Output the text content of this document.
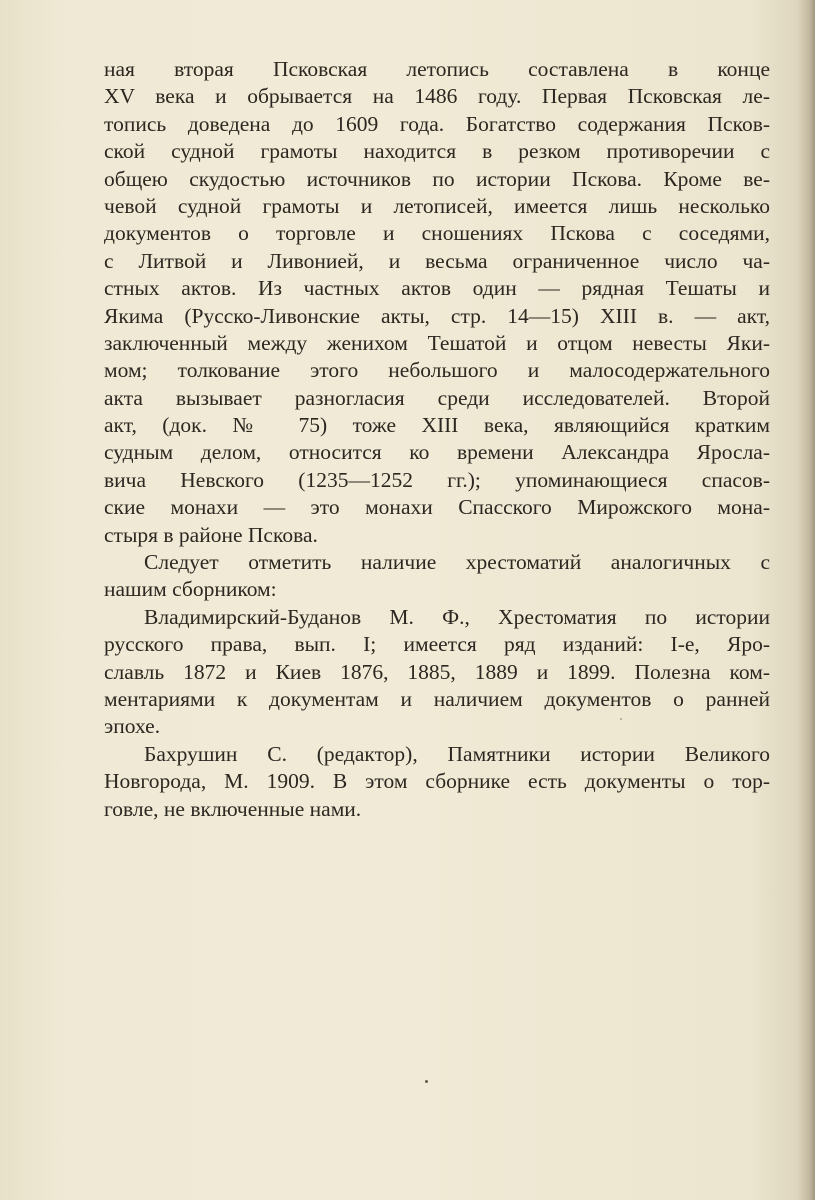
ная вторая Псковская летопись составлена в конце
XV века и обрывается на 1486 году. Первая Псковская ле-
топись доведена до 1609 года. Богатство содержания Псков-
ской судной грамоты находится в резком противоречии с
общею скудостью источников по истории Пскова. Кроме ве-
чевой судной грамоты и летописей, имеется лишь несколько
документов о торговле и сношениях Пскова с соседями,
с Литвой и Ливонией, и весьма ограниченное число ча-
стных актов. Из частных актов один — рядная Тешаты и
Якима (Русско-Ливонские акты, стр. 14—15) XIII в. — акт,
заключенный между женихом Тешатой и отцом невесты Яки-
мом; толкование этого небольшого и малосодержательного
акта вызывает разногласия среди исследователей. Второй
акт, (док. № 75) тоже XIII века, являющийся кратким
судным делом, относится ко времени Александра Яросла-
вича Невского (1235—1252 гг.); упоминающиеся спасов-
ские монахи — это монахи Спасского Мирожского мона-
стыря в районе Пскова.
Следует отметить наличие хрестоматий аналогичных с
нашим сборником:
Владимирский-Буданов М. Ф., Хрестоматия по истории
русского права, вып. I; имеется ряд изданий: I-е, Яро-
славль 1872 и Киев 1876, 1885, 1889 и 1899. Полезна ком-
ментариями к документам и наличием документов о ранней
эпохе.
Бахрушин С. (редактор), Памятники истории Великого
Новгорода, М. 1909. В этом сборнике есть документы о тор-
говле, не включенные нами.
